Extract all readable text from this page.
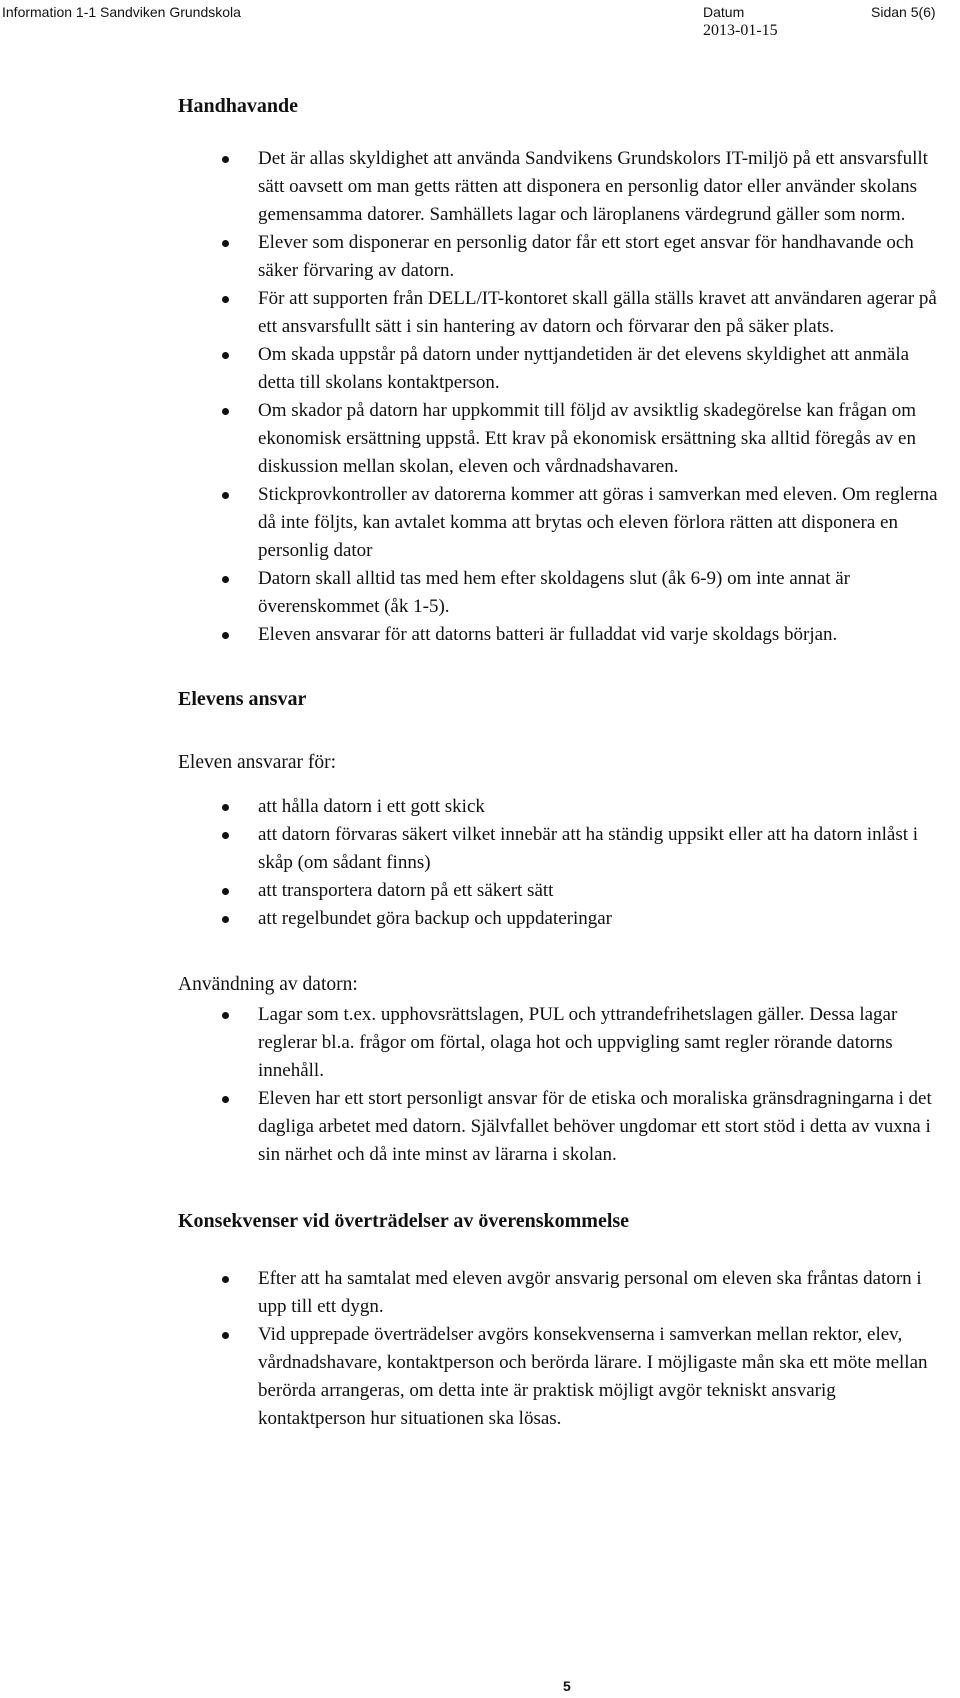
Information 1-1 Sandviken Grundskola	Datum
2013-01-15
Sidan 5(6)
Handhavande
Det är allas skyldighet att använda Sandvikens Grundskolors IT-miljö på ett ansvarsfullt sätt oavsett om man getts rätten att disponera en personlig dator eller använder skolans gemensamma datorer. Samhällets lagar och läroplanens värdegrund gäller som norm.
Elever som disponerar en personlig dator får ett stort eget ansvar för handhavande och säker förvaring av datorn.
För att supporten från DELL/IT-kontoret skall gälla ställs kravet att användaren agerar på ett ansvarsfullt sätt i sin hantering av datorn och förvarar den på säker plats.
Om skada uppstår på datorn under nyttjandetiden är det elevens skyldighet att anmäla detta till skolans kontaktperson.
Om skador på datorn har uppkommit till följd av avsiktlig skadegörelse kan frågan om ekonomisk ersättning uppstå. Ett krav på ekonomisk ersättning ska alltid föregås av en diskussion mellan skolan, eleven och vårdnadshavaren.
Stickprovkontroller av datorerna kommer att göras i samverkan med eleven. Om reglerna då inte följts, kan avtalet komma att brytas och eleven förlora rätten att disponera en personlig dator
Datorn skall alltid tas med hem efter skoldagens slut (åk 6-9) om inte annat är överenskommet (åk 1-5).
Eleven ansvarar för att datorns batteri är fulladdat vid varje skoldags början.
Elevens ansvar

Eleven ansvarar för:

att hålla datorn i ett gott skick
att datorn förvaras säkert vilket innebär att ha ständig uppsikt eller att ha datorn inlåst i skåp (om sådant finns)
att transportera datorn på ett säkert sätt
att regelbundet göra backup och uppdateringar

Användning av datorn:

Lagar som t.ex. upphovsrättslagen, PUL och yttrandefrihetslagen gäller. Dessa lagar reglerar bl.a. frågor om förtal, olaga hot och uppvigling samt regler rörande datorns innehåll.
Eleven har ett stort personligt ansvar för de etiska och moraliska gränsdragningarna i det dagliga arbetet med datorn. Självfallet behöver ungdomar ett stort stöd i detta av vuxna i sin närhet och då inte minst av lärarna i skolan.
Konsekvenser vid överträdelser av överenskommelse
Efter att ha samtalat med eleven avgör ansvarig personal om eleven ska fråntas datorn i upp till ett dygn.
Vid upprepade överträdelser avgörs konsekvenserna i samverkan mellan rektor, elev, vårdnadshavare, kontaktperson och berörda lärare. I möjligaste mån ska ett möte mellan berörda arrangeras, om detta inte är praktisk möjligt avgör tekniskt ansvarig kontaktperson hur situationen ska lösas.
5
